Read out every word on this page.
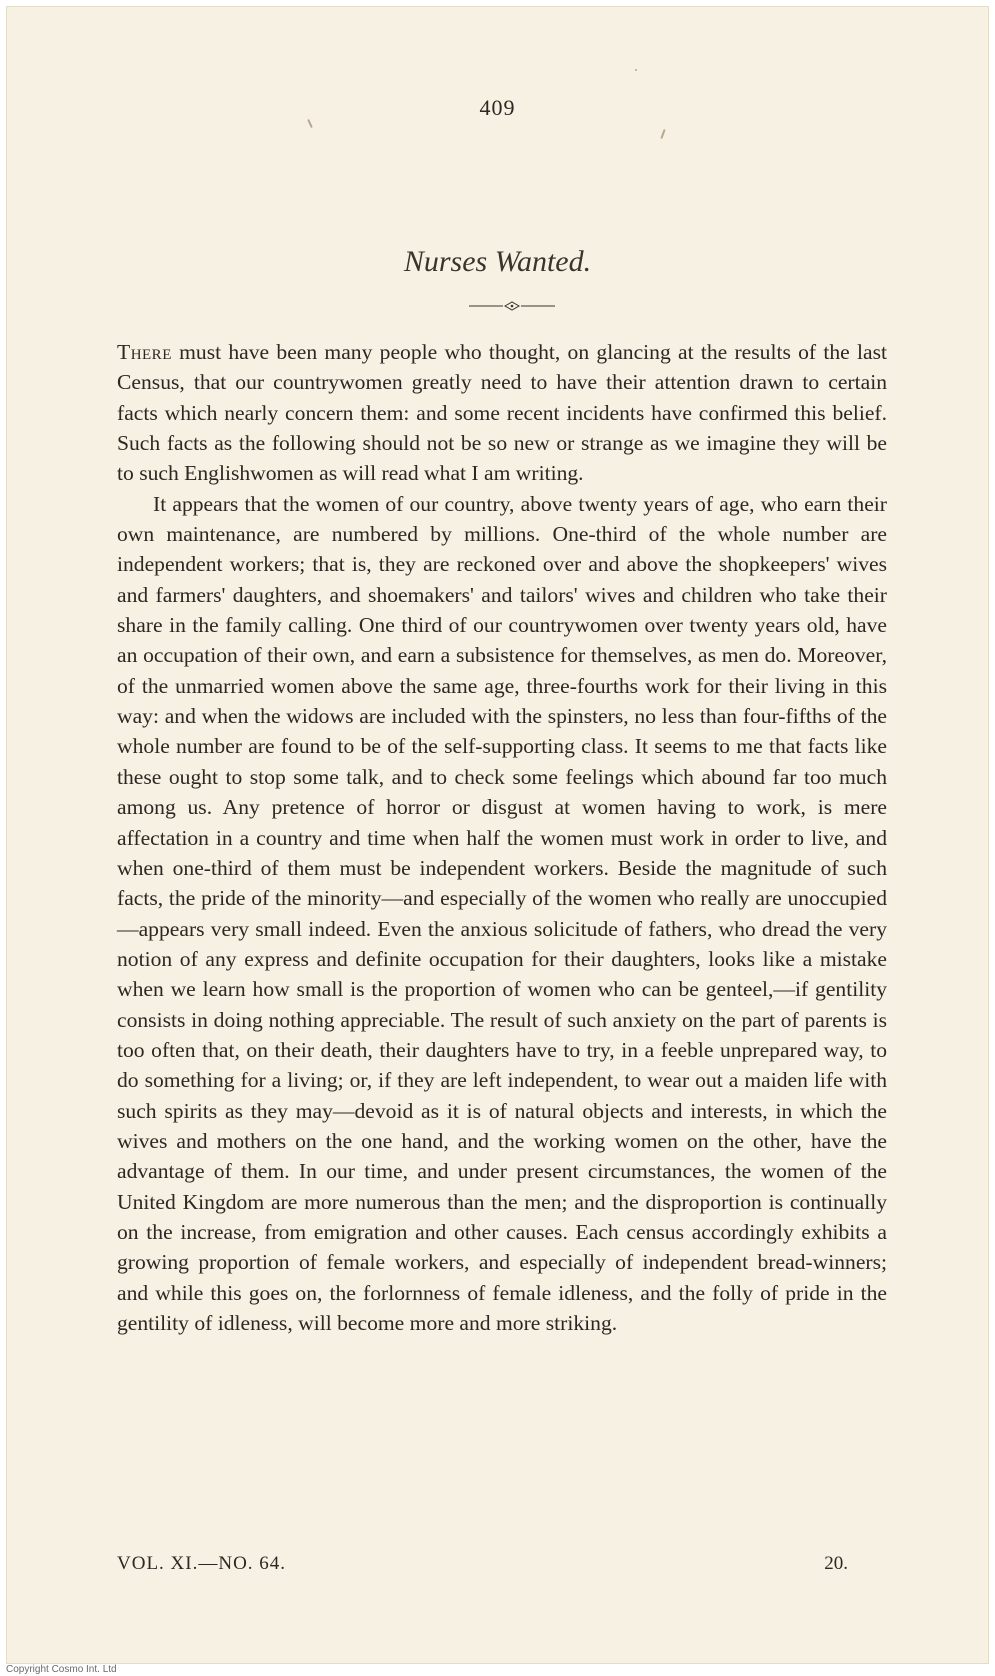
409
Nurses Wanted.

There must have been many people who thought, on glancing at the results of the last Census, that our countrywomen greatly need to have their attention drawn to certain facts which nearly concern them: and some recent incidents have confirmed this belief. Such facts as the following should not be so new or strange as we imagine they will be to such Englishwomen as will read what I am writing.

It appears that the women of our country, above twenty years of age, who earn their own maintenance, are numbered by millions. One-third of the whole number are independent workers; that is, they are reckoned over and above the shopkeepers' wives and farmers' daughters, and shoemakers' and tailors' wives and children who take their share in the family calling. One third of our countrywomen over twenty years old, have an occupation of their own, and earn a subsistence for themselves, as men do. Moreover, of the unmarried women above the same age, three-fourths work for their living in this way: and when the widows are included with the spinsters, no less than four-fifths of the whole number are found to be of the self-supporting class. It seems to me that facts like these ought to stop some talk, and to check some feelings which abound far too much among us. Any pretence of horror or disgust at women having to work, is mere affectation in a country and time when half the women must work in order to live, and when one-third of them must be independent workers. Beside the magnitude of such facts, the pride of the minority—and especially of the women who really are unoccupied—appears very small indeed. Even the anxious solicitude of fathers, who dread the very notion of any express and definite occupation for their daughters, looks like a mistake when we learn how small is the proportion of women who can be genteel,—if gentility consists in doing nothing appreciable. The result of such anxiety on the part of parents is too often that, on their death, their daughters have to try, in a feeble unprepared way, to do something for a living; or, if they are left independent, to wear out a maiden life with such spirits as they may—devoid as it is of natural objects and interests, in which the wives and mothers on the one hand, and the working women on the other, have the advantage of them. In our time, and under present circumstances, the women of the United Kingdom are more numerous than the men; and the disproportion is continually on the increase, from emigration and other causes. Each census accordingly exhibits a growing proportion of female workers, and especially of independent bread-winners; and while this goes on, the forlornness of female idleness, and the folly of pride in the gentility of idleness, will become more and more striking.

VOL. XI.—NO. 64.	20.
Copyright Cosmo Int. Ltd
